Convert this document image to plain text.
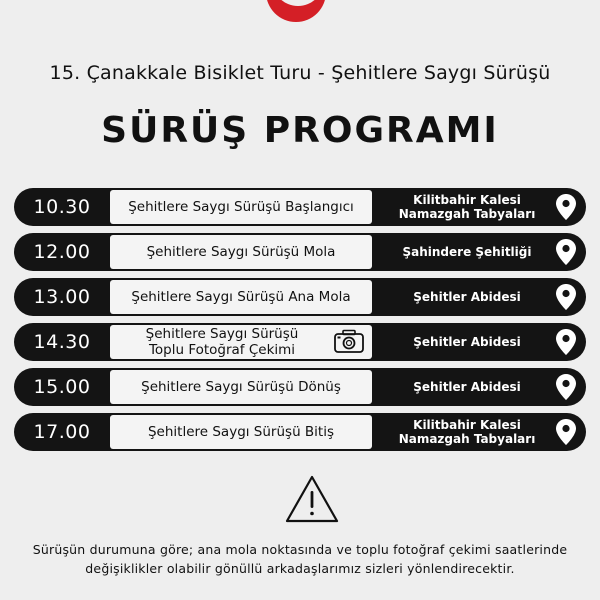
15. Çanakkale Bisiklet Turu - Şehitlere Saygı Sürüşü
SÜRÜŞ PROGRAMI
10.30	Şehitlere Saygı Sürüşü Başlangıcı	Kilitbahir Kalesi
Namazgah Tabyaları
12.00	Şehitlere Saygı Sürüşü Mola	Şahindere Şehitliği
13.00	Şehitlere Saygı Sürüşü Ana Mola	Şehitler Abidesi
14.30	Şehitlere Saygı Sürüşü
Toplu Fotoğraf Çekimi	Şehitler Abidesi
15.00	Şehitlere Saygı Sürüşü Dönüş	Şehitler Abidesi
17.00	Şehitlere Saygı Sürüşü Bitiş	Kilitbahir Kalesi
Namazgah Tabyaları
Sürüşün durumuna göre; ana mola noktasında ve toplu fotoğraf çekimi saatlerinde
değişiklikler olabilir gönüllü arkadaşlarımız sizleri yönlendirecektir.
